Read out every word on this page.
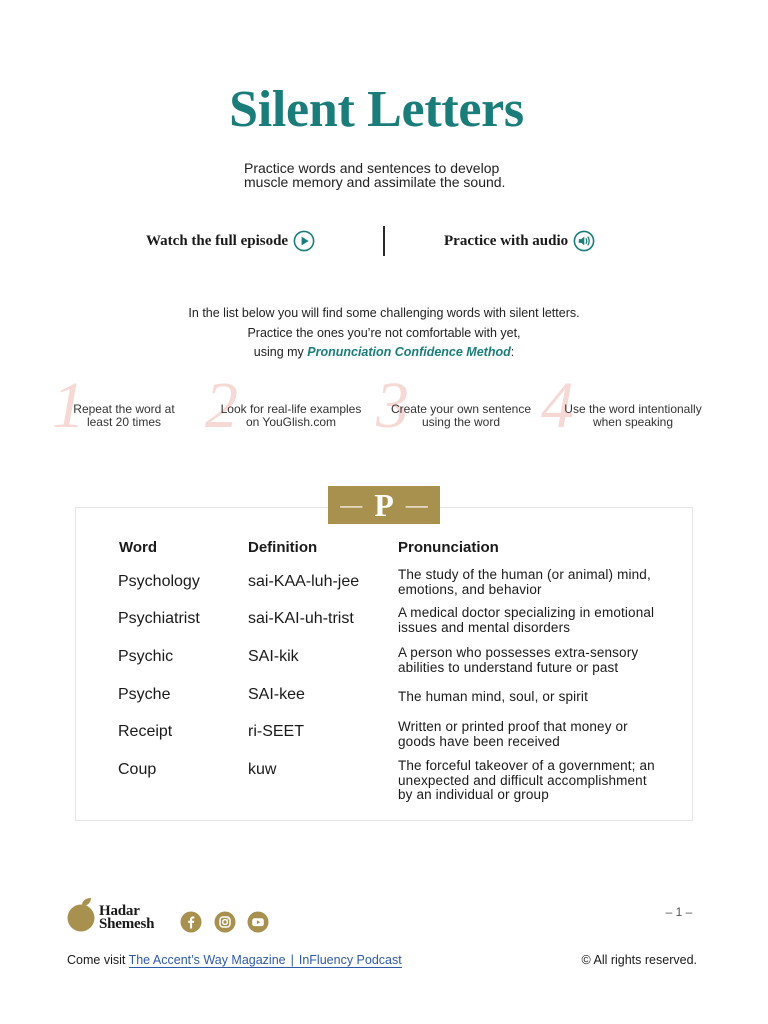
Silent Letters
Practice words and sentences to develop
muscle memory and assimilate the sound.
Watch the full episode	Practice with audio
In the list below you will find some challenging words with silent letters.
Practice the ones you’re not comfortable with yet,
using my Pronunciation Confidence Method:
1 2 3 4
Repeat the word at
least 20 times
Look for real-life examples
on YouGlish.com
Create your own sentence
using the word
Use the word intentionally
when speaking
— P —
Word	Definition	Pronunciation
Psychology	sai-KAA-luh-jee	The study of the human (or animal) mind,
emotions, and behavior
Psychiatrist	sai-KAI-uh-trist	A medical doctor specializing in emotional
issues and mental disorders
Psychic	SAI-kik	A person who possesses extra-sensory
abilities to understand future or past
Psyche	SAI-kee	The human mind, soul, or spirit
Receipt	ri-SEET	Written or printed proof that money or
goods have been received
Coup	kuw	The forceful takeover of a government; an
unexpected and difficult accomplishment
by an individual or group
Hadar
Shemesh
– 1 –
Come visit The Accent’s Way Magazine | InFluency Podcast	© All rights reserved.
